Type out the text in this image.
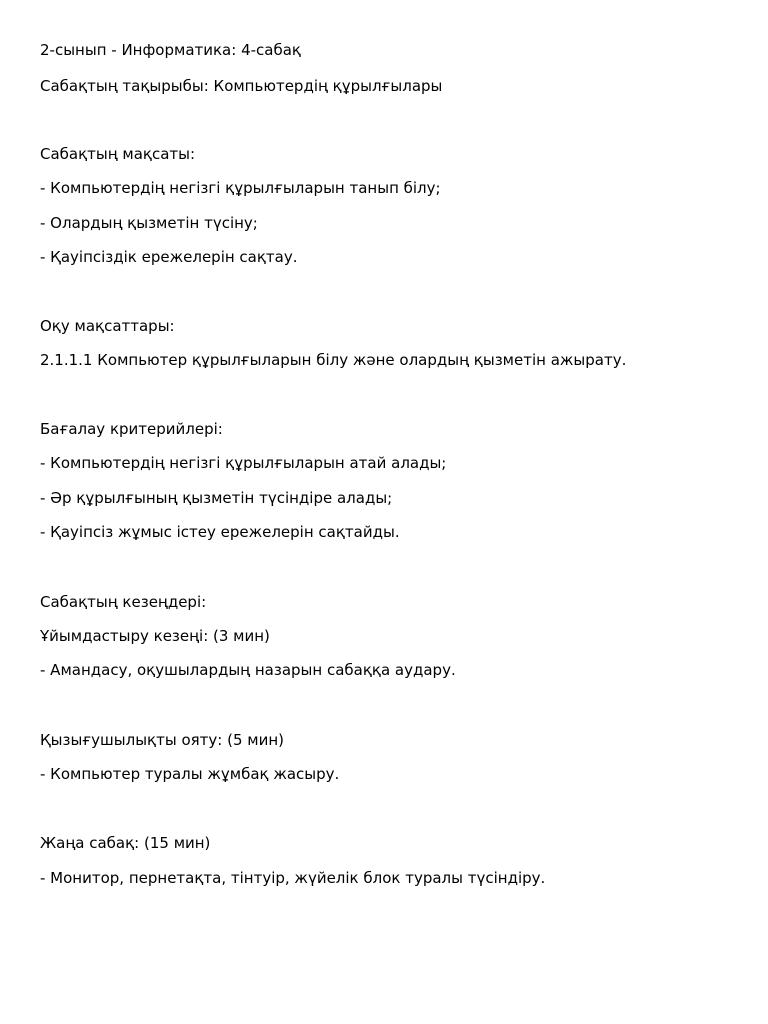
2-сынып - Информатика: 4-сабақ

Сабақтың тақырыбы: Компьютердің құрылғылары

Сабақтың мақсаты:

- Компьютердің негізгі құрылғыларын танып білу;

- Олардың қызметін түсіну;

- Қауіпсіздік ережелерін сақтау.

Оқу мақсаттары:

2.1.1.1 Компьютер құрылғыларын білу және олардың қызметін ажырату.

Бағалау критерийлері:

- Компьютердің негізгі құрылғыларын атай алады;

- Әр құрылғының қызметін түсіндіре алады;

- Қауіпсіз жұмыс істеу ережелерін сақтайды.

Сабақтың кезеңдері:

Ұйымдастыру кезеңі: (3 мин)

- Амандасу, оқушылардың назарын сабаққа аудару.

Қызығушылықты ояту: (5 мин)

- Компьютер туралы жұмбақ жасыру.

Жаңа сабақ: (15 мин)

- Монитор, пернетақта, тінтуір, жүйелік блок туралы түсіндіру.
